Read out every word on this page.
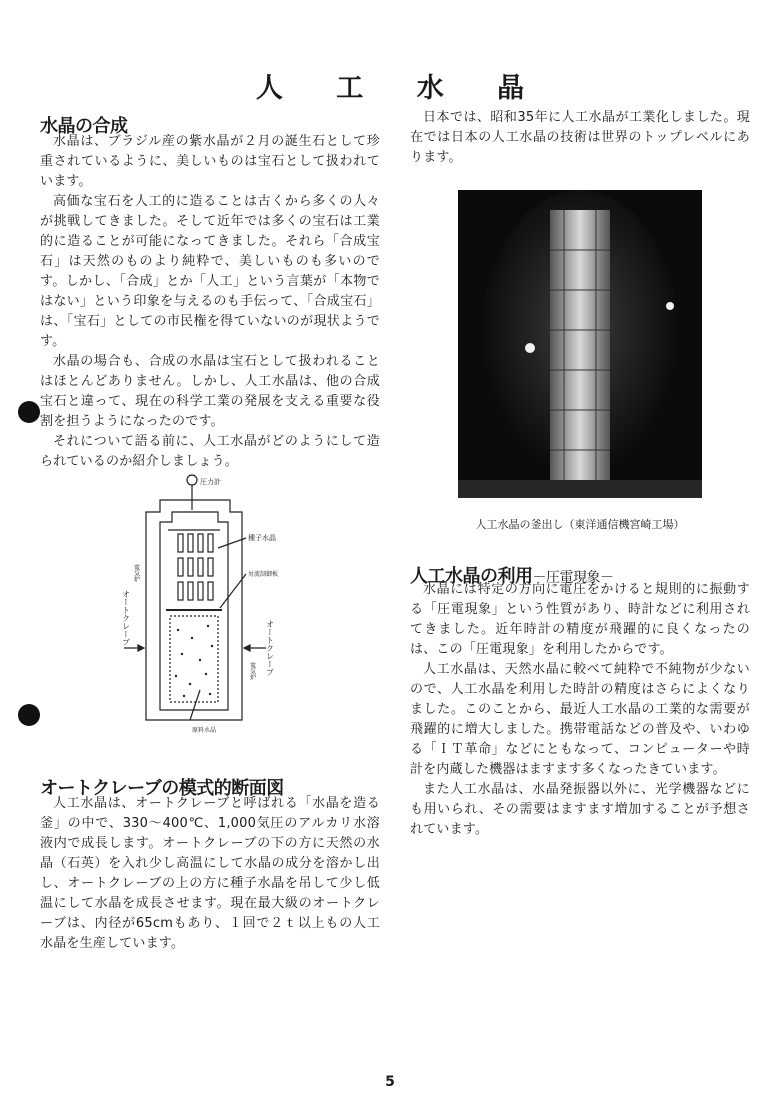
人 工 水 晶
水晶の合成

水晶は、ブラジル産の紫水晶が２月の誕生石として珍重されているように、美しいものは宝石として扱われています。

高価な宝石を人工的に造ることは古くから多くの人々が挑戦してきました。そして近年では多くの宝石は工業的に造ることが可能になってきました。それら「合成宝石」は天然のものより純粋で、美しいものも多いのです。しかし、「合成」とか「人工」という言葉が「本物ではない」という印象を与えるのも手伝って、「合成宝石」は、「宝石」としての市民権を得ていないのが現状ようです。

水晶の場合も、合成の水晶は宝石として扱われることはほとんどありません。しかし、人工水晶は、他の合成宝石と違って、現在の科学工業の発展を支える重要な役割を担うようになったのです。

それについて語る前に、人工水晶がどのようにして造られているのか紹介しましょう。

圧力計
種子水晶
対流制御板
原料水晶
電気炉
電気炉
オートクレーブ
オートクレーブ
オートクレーブの模式的断面図

人工水晶は、オートクレーブと呼ばれる「水晶を造る釜」の中で、330～400℃、1,000気圧のアルカリ水溶液内で成長します。オートクレーブの下の方に天然の水晶（石英）を入れ少し高温にして水晶の成分を溶かし出し、オートクレーブの上の方に種子水晶を吊して少し低温にして水晶を成長させます。現在最大級のオートクレーブは、内径が65cmもあり、１回で２ｔ以上もの人工水晶を生産しています。

日本では、昭和35年に人工水晶が工業化しました。現在では日本の人工水晶の技術は世界のトップレベルにあります。

人工水晶の釜出し（東洋通信機宮崎工場）
人工水晶の利用－圧電現象－

水晶には特定の方向に電圧をかけると規則的に振動する「圧電現象」という性質があり、時計などに利用されてきました。近年時計の精度が飛躍的に良くなったのは、この「圧電現象」を利用したからです。

人工水晶は、天然水晶に較べて純粋で不純物が少ないので、人工水晶を利用した時計の精度はさらによくなりました。このことから、最近人工水晶の工業的な需要が飛躍的に増大しました。携帯電話などの普及や、いわゆる「ＩＴ革命」などにともなって、コンピューターや時計を内蔵した機器はますます多くなったきています。

また人工水晶は、水晶発振器以外に、光学機器などにも用いられ、その需要はますます増加することが予想されています。

5
